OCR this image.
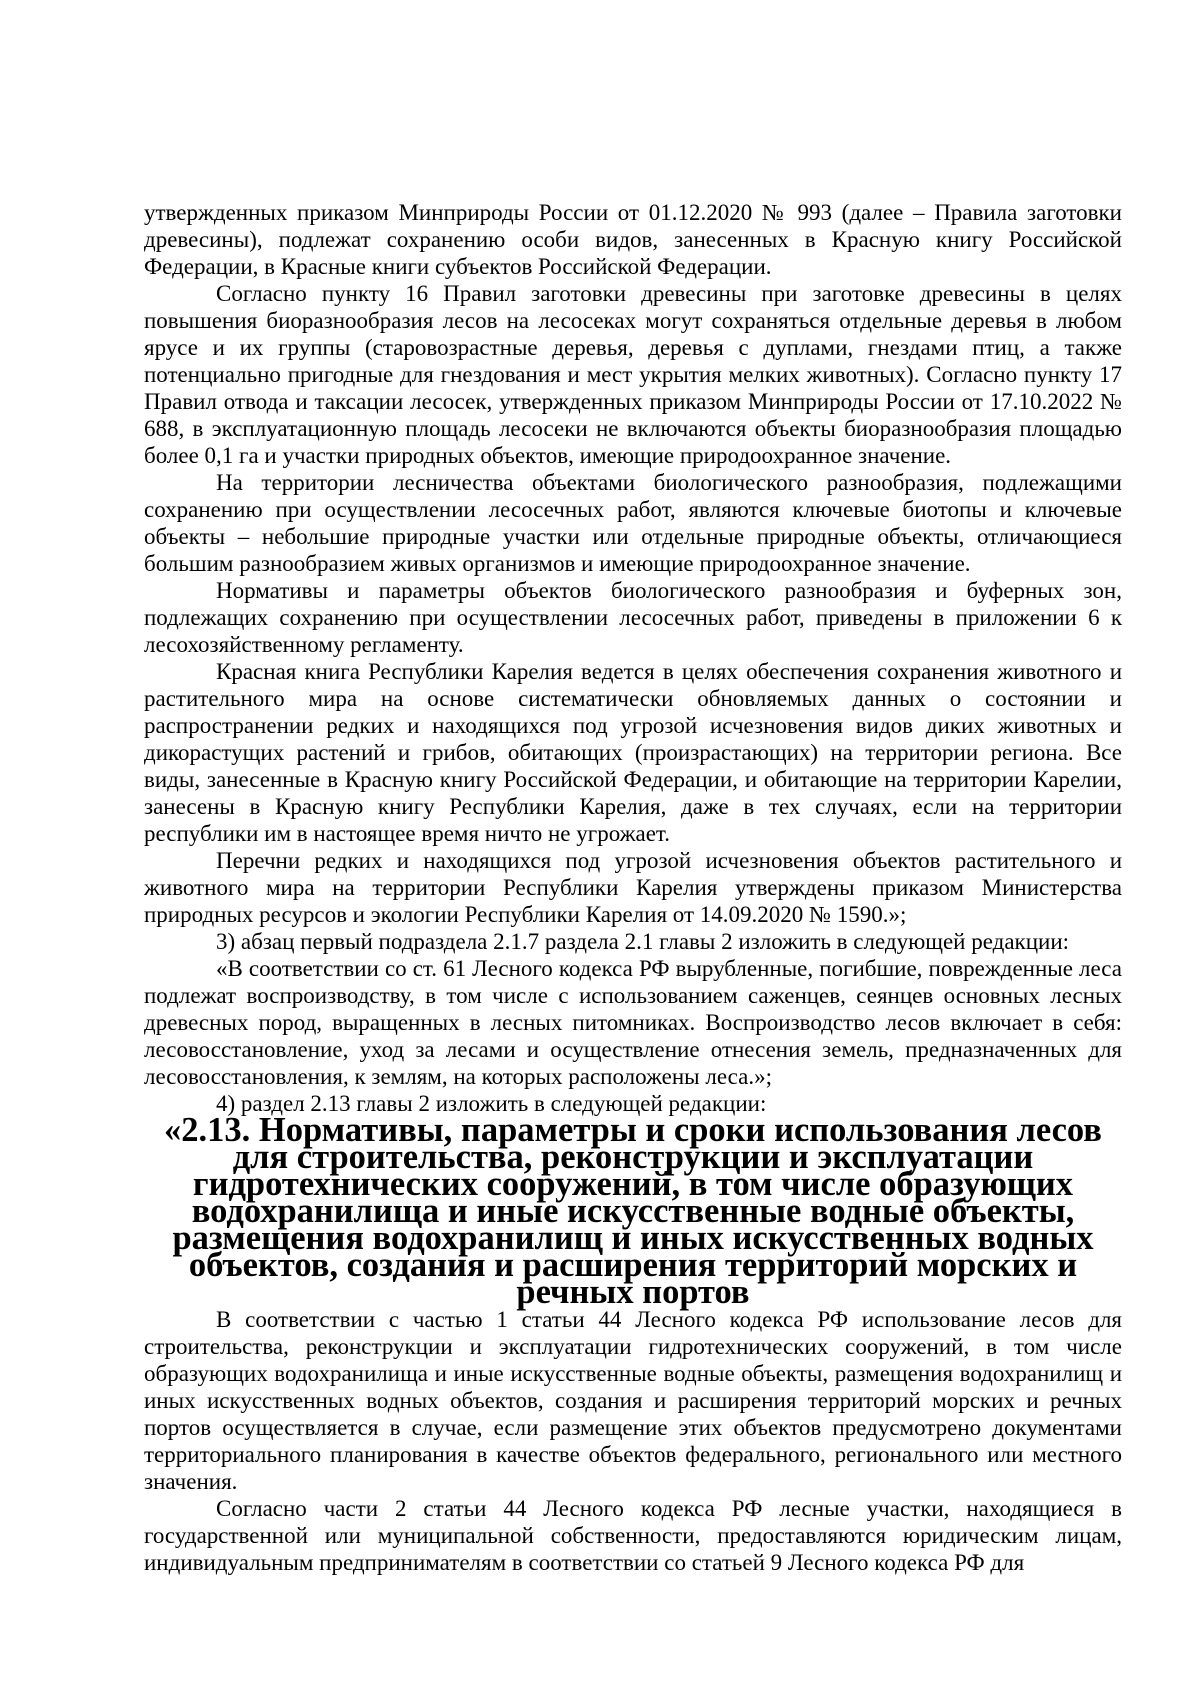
утвержденных приказом Минприроды России от 01.12.2020 № 993 (далее – Правила заготовки древесины), подлежат сохранению особи видов, занесенных в Красную книгу Российской Федерации, в Красные книги субъектов Российской Федерации.

Согласно пункту 16 Правил заготовки древесины при заготовке древесины в целях повышения биоразнообразия лесов на лесосеках могут сохраняться отдельные деревья в любом ярусе и их группы (старовозрастные деревья, деревья с дуплами, гнездами птиц, а также потенциально пригодные для гнездования и мест укрытия мелких животных). Согласно пункту 17 Правил отвода и таксации лесосек, утвержденных приказом Минприроды России от 17.10.2022 № 688, в эксплуатационную площадь лесосеки не включаются объекты биоразнообразия площадью более 0,1 га и участки природных объектов, имеющие природоохранное значение.

На территории лесничества объектами биологического разнообразия, подлежащими сохранению при осуществлении лесосечных работ, являются ключевые биотопы и ключевые объекты – небольшие природные участки или отдельные природные объекты, отличающиеся большим разнообразием живых организмов и имеющие природоохранное значение.

Нормативы и параметры объектов биологического разнообразия и буферных зон, подлежащих сохранению при осуществлении лесосечных работ, приведены в приложении 6 к лесохозяйственному регламенту.

Красная книга Республики Карелия ведется в целях обеспечения сохранения животного и растительного мира на основе систематически обновляемых данных о состоянии и распространении редких и находящихся под угрозой исчезновения видов диких животных и дикорастущих растений и грибов, обитающих (произрастающих) на территории региона. Все виды, занесенные в Красную книгу Российской Федерации, и обитающие на территории Карелии, занесены в Красную книгу Республики Карелия, даже в тех случаях, если на территории республики им в настоящее время ничто не угрожает.

Перечни редких и находящихся под угрозой исчезновения объектов растительного и животного мира на территории Республики Карелия утверждены приказом Министерства природных ресурсов и экологии Республики Карелия от 14.09.2020 № 1590.»;

3) абзац первый подраздела 2.1.7 раздела 2.1 главы 2 изложить в следующей редакции:

«В соответствии со ст. 61 Лесного кодекса РФ вырубленные, погибшие, поврежденные леса подлежат воспроизводству, в том числе с использованием саженцев, сеянцев основных лесных древесных пород, выращенных в лесных питомниках. Воспроизводство лесов включает в себя: лесовосстановление, уход за лесами и осуществление отнесения земель, предназначенных для лесовосстановления, к землям, на которых расположены леса.»;

4) раздел 2.13 главы 2 изложить в следующей редакции:

«2.13. Нормативы, параметры и сроки использования лесов для строительства, реконструкции и эксплуатации гидротехнических сооружений, в том числе образующих водохранилища и иные искусственные водные объекты, размещения водохранилищ и иных искусственных водных объектов, создания и расширения территорий морских и речных портов

В соответствии с частью 1 статьи 44 Лесного кодекса РФ использование лесов для строительства, реконструкции и эксплуатации гидротехнических сооружений, в том числе образующих водохранилища и иные искусственные водные объекты, размещения водохранилищ и иных искусственных водных объектов, создания и расширения территорий морских и речных портов осуществляется в случае, если размещение этих объектов предусмотрено документами территориального планирования в качестве объектов федерального, регионального или местного значения.

Согласно части 2 статьи 44 Лесного кодекса РФ лесные участки, находящиеся в государственной или муниципальной собственности, предоставляются юридическим лицам, индивидуальным предпринимателям в соответствии со статьей 9 Лесного кодекса РФ для
